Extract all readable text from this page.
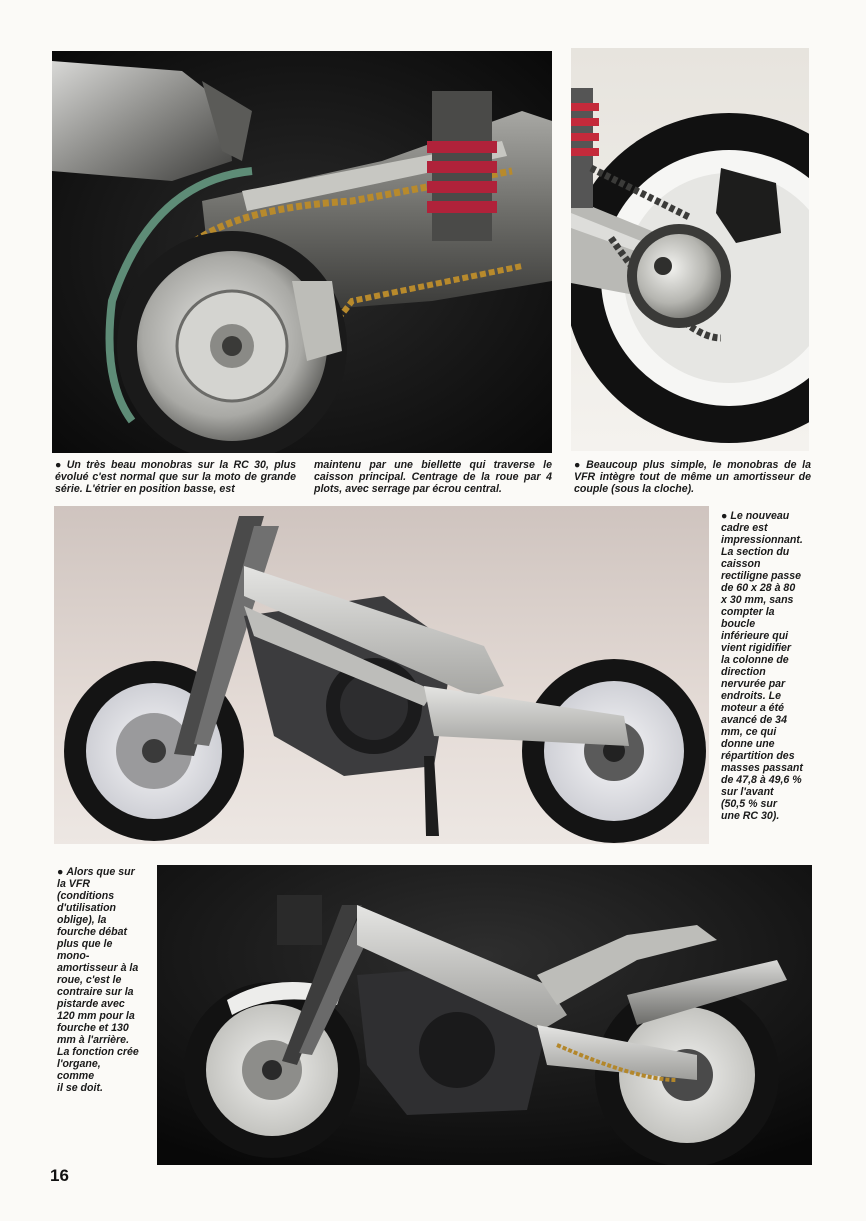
● Un très beau monobras sur la RC 30, plus évolué c'est normal que sur la moto de grande série. L'étrier en position basse, est

maintenu par une biellette qui traverse le caisson principal. Centrage de la roue par 4 plots, avec serrage par écrou central.

● Beaucoup plus simple, le monobras de la VFR intègre tout de même un amortisseur de couple (sous la cloche).

● Le nouveau
cadre est
impressionnant.
La section du
caisson
rectiligne passe
de 60 x 28 à 80
x 30 mm, sans
compter la
boucle
inférieure qui
vient rigidifier
la colonne de
direction
nervurée par
endroits. Le
moteur a été
avancé de 34
mm, ce qui
donne une
répartition des
masses passant
de 47,8 à 49,6 %
sur l'avant
(50,5 % sur
une RC 30).
● Alors que sur
la VFR
(conditions
d'utilisation
oblige), la
fourche débat
plus que le
mono-
amortisseur à la
roue, c'est le
contraire sur la
pistarde avec
120 mm pour la
fourche et 130
mm à l'arrière.
La fonction crée
l'organe,
comme
il se doit.
16
